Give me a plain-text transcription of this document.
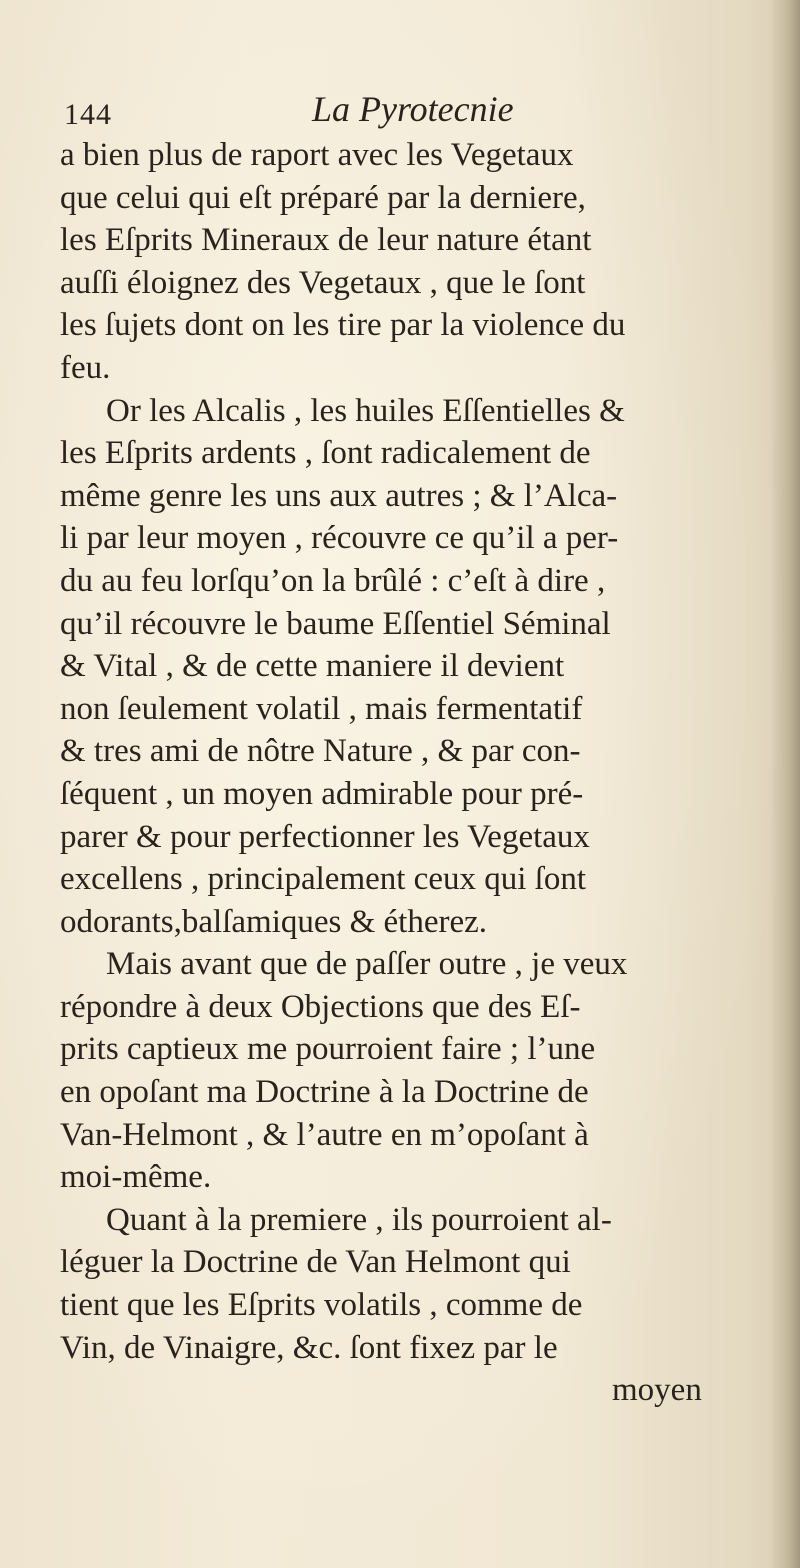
144	La Pyrotecnie
a bien plus de raport avec les Vegetaux
que celui qui eſt préparé par la derniere,
les Eſprits Mineraux de leur nature étant
auſſi éloignez des Vegetaux , que le ſont
les ſujets dont on les tire par la violence du
feu.
Or les Alcalis , les huiles Eſſentielles &
les Eſprits ardents , ſont radicalement de
même genre les uns aux autres ; & l’Alca-
li par leur moyen , récouvre ce qu’il a per-
du au feu lorſqu’on la brûlé : c’eſt à dire ,
qu’il récouvre le baume Eſſentiel Séminal
& Vital , & de cette maniere il devient
non ſeulement volatil , mais fermentatif
& tres ami de nôtre Nature , & par con-
ſéquent , un moyen admirable pour pré-
parer & pour perfectionner les Vegetaux
excellens , principalement ceux qui ſont
odorants,balſamiques & étherez.
Mais avant que de paſſer outre , je veux
répondre à deux Objections que des Eſ-
prits captieux me pourroient faire ; l’une
en opoſant ma Doctrine à la Doctrine de
Van-Helmont , & l’autre en m’opoſant à
moi-même.
Quant à la premiere , ils pourroient al-
léguer la Doctrine de Van Helmont qui
tient que les Eſprits volatils , comme de
Vin, de Vinaigre, &c. ſont fixez par le
moyen
